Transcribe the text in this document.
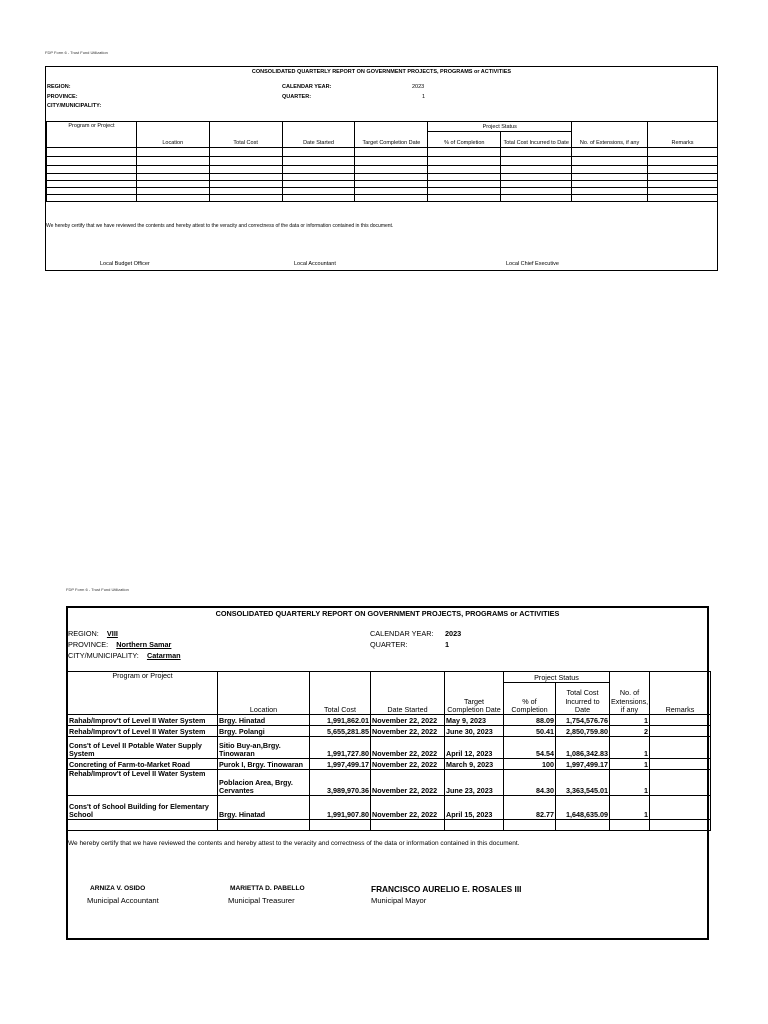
FDP Form 6 - Trust Fund Utilization
CONSOLIDATED QUARTERLY REPORT ON GOVERNMENT PROJECTS, PROGRAMS or ACTIVITIES
REGION:
PROVINCE:
CITY/MUNICIPALITY:
CALENDAR YEAR:	2023
QUARTER:	1
Program or Project	Location	Total Cost	Date Started	Target Completion Date	Project Status		No. of Extensions, if any	Remarks
					% of Completion	Total Cost Incurred to Date		

We hereby certify that we have reviewed the contents and hereby attest to the veracity and correctness of the data or information contained in this document.
Local Budget Officer	Local Accountant	Local Chief Executive
FDP Form 6 - Trust Fund Utilization
CONSOLIDATED QUARTERLY REPORT ON GOVERNMENT PROJECTS, PROGRAMS or ACTIVITIES
REGION: VIII
PROVINCE: Northern Samar
CITY/MUNICIPALITY: Catarman
CALENDAR YEAR: 2023
QUARTER:	1
Program or Project	Location	Total Cost	Date Started	Target Completion Date	Project Status		No. of Extensions, if any	Remarks
					% of Completion	Total Cost Incurred to Date		
Rahab/Improv't of Level II Water System	Brgy. Hinatad	1,991,862.01	November 22, 2022	May 9, 2023	88.09	1,754,576.76	1	
Rehab/Improv't of Level II Water System	Brgy. Polangi	5,655,281.85	November 22, 2022	June 30, 2023	50.41	2,850,759.80	2	
Cons't of Level II Potable Water Supply System	Sitio Buy-an,Brgy. Tinowaran	1,991,727.80	November 22, 2022	April 12, 2023	54.54	1,086,342.83	1	
Concreting of Farm-to-Market Road	Purok I, Brgy. Tinowaran	1,997,499.17	November 22, 2022	March 9, 2023	100	1,997,499.17	1	
Rehab/Improv't of Level II Water System	Poblacion Area, Brgy. Cervantes	3,989,970.36	November 22, 2022	June 23, 2023	84.30	3,363,545.01	1	
Cons't of School Building for Elementary School	Brgy. Hinatad	1,991,907.80	November 22, 2022	April 15, 2023	82.77	1,648,635.09	1	

We hereby certify that we have reviewed the contents and hereby attest to the veracity and correctness of the data or information contained in this document.
ARNIZA V. OSIDO
Municipal Accountant
MARIETTA D. PABELLO
Municipal Treasurer
FRANCISCO AURELIO E. ROSALES III
Municipal Mayor
